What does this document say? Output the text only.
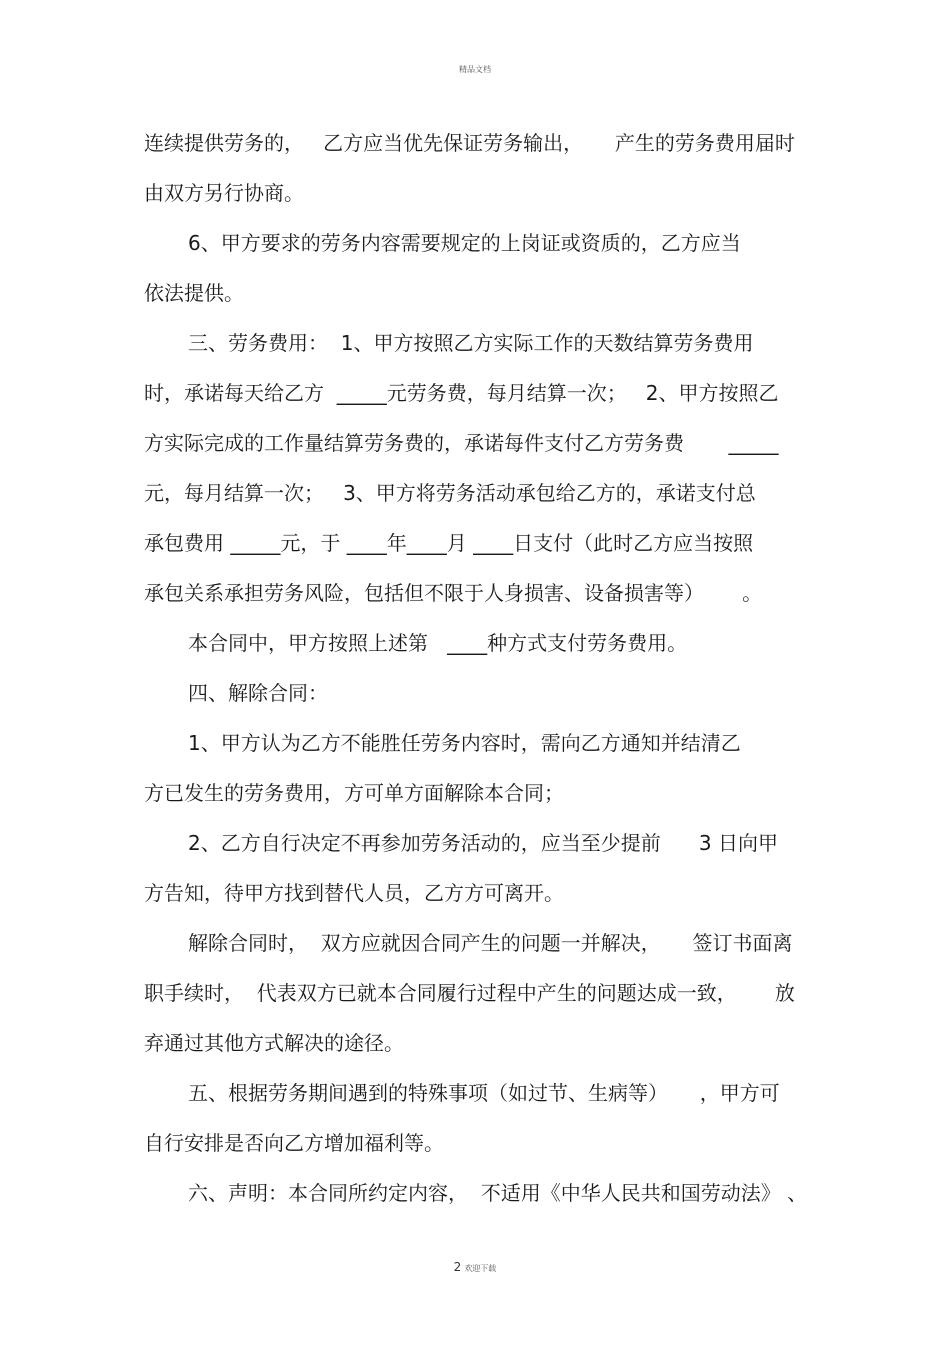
精品文档
连续提供劳务的，   乙方应当优先保证劳务输出，     产生的劳务费用届时
由双方另行协商。
6、甲方要求的劳务内容需要规定的上岗证或资质的，乙方应当
依法提供。
三、劳务费用：  1、甲方按照乙方实际工作的天数结算劳务费用
时，承诺每天给乙方  _____元劳务费，每月结算一次；   2、甲方按照乙
方实际完成的工作量结算劳务费的，承诺每件支付乙方劳务费       _____
元，每月结算一次；   3、甲方将劳务活动承包给乙方的，承诺支付总
承包费用 _____元，于 ____年____月 ____日支付（此时乙方应当按照
承包关系承担劳务风险，包括但不限于人身损害、设备损害等）      。
本合同中，甲方按照上述第   ____种方式支付劳务费用。
四、解除合同：
1、甲方认为乙方不能胜任劳务内容时，需向乙方通知并结清乙
方已发生的劳务费用，方可单方面解除本合同；
2、乙方自行决定不再参加劳务活动的，应当至少提前      3 日向甲
方告知，待甲方找到替代人员，乙方方可离开。
解除合同时，  双方应就因合同产生的问题一并解决，     签订书面离
职手续时，  代表双方已就本合同履行过程中产生的问题达成一致，      放
弃通过其他方式解决的途径。
五、根据劳务期间遇到的特殊事项（如过节、生病等）     ，甲方可
自行安排是否向乙方增加福利等。
六、声明：本合同所约定内容，  不适用《中华人民共和国劳动法》 、
2 欢迎下载
